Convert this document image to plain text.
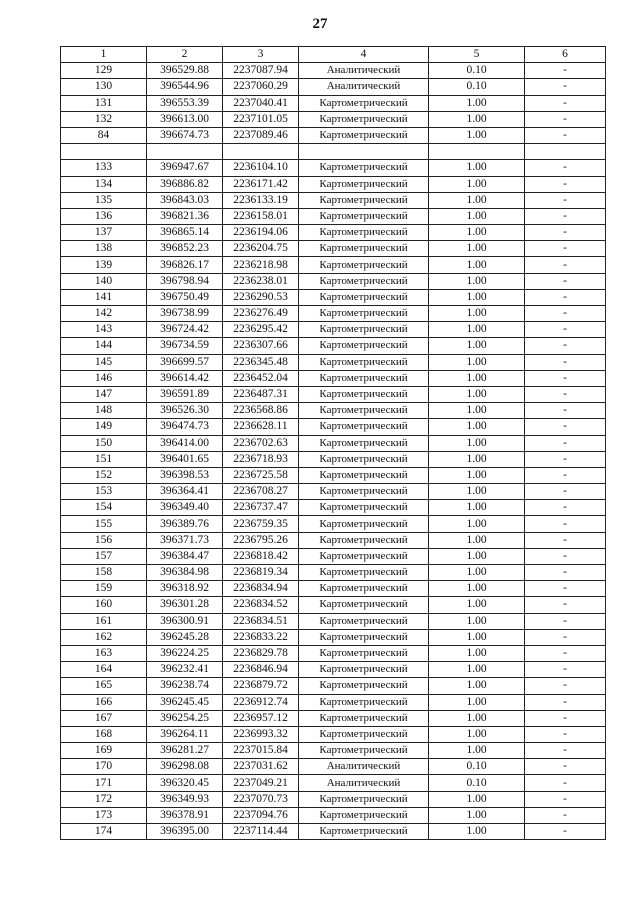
27
1	2	3	4	5	6
129	396529.88	2237087.94	Аналитический	0.10	-
130	396544.96	2237060.29	Аналитический	0.10	-
131	396553.39	2237040.41	Картометрический	1.00	-
132	396613.00	2237101.05	Картометрический	1.00	-
84	396674.73	2237089.46	Картометрический	1.00	-

133	396947.67	2236104.10	Картометрический	1.00	-
134	396886.82	2236171.42	Картометрический	1.00	-
135	396843.03	2236133.19	Картометрический	1.00	-
136	396821.36	2236158.01	Картометрический	1.00	-
137	396865.14	2236194.06	Картометрический	1.00	-
138	396852.23	2236204.75	Картометрический	1.00	-
139	396826.17	2236218.98	Картометрический	1.00	-
140	396798.94	2236238.01	Картометрический	1.00	-
141	396750.49	2236290.53	Картометрический	1.00	-
142	396738.99	2236276.49	Картометрический	1.00	-
143	396724.42	2236295.42	Картометрический	1.00	-
144	396734.59	2236307.66	Картометрический	1.00	-
145	396699.57	2236345.48	Картометрический	1.00	-
146	396614.42	2236452.04	Картометрический	1.00	-
147	396591.89	2236487.31	Картометрический	1.00	-
148	396526.30	2236568.86	Картометрический	1.00	-
149	396474.73	2236628.11	Картометрический	1.00	-
150	396414.00	2236702.63	Картометрический	1.00	-
151	396401.65	2236718.93	Картометрический	1.00	-
152	396398.53	2236725.58	Картометрический	1.00	-
153	396364.41	2236708.27	Картометрический	1.00	-
154	396349.40	2236737.47	Картометрический	1.00	-
155	396389.76	2236759.35	Картометрический	1.00	-
156	396371.73	2236795.26	Картометрический	1.00	-
157	396384.47	2236818.42	Картометрический	1.00	-
158	396384.98	2236819.34	Картометрический	1.00	-
159	396318.92	2236834.94	Картометрический	1.00	-
160	396301.28	2236834.52	Картометрический	1.00	-
161	396300.91	2236834.51	Картометрический	1.00	-
162	396245.28	2236833.22	Картометрический	1.00	-
163	396224.25	2236829.78	Картометрический	1.00	-
164	396232.41	2236846.94	Картометрический	1.00	-
165	396238.74	2236879.72	Картометрический	1.00	-
166	396245.45	2236912.74	Картометрический	1.00	-
167	396254.25	2236957.12	Картометрический	1.00	-
168	396264.11	2236993.32	Картометрический	1.00	-
169	396281.27	2237015.84	Картометрический	1.00	-
170	396298.08	2237031.62	Аналитический	0.10	-
171	396320.45	2237049.21	Аналитический	0.10	-
172	396349.93	2237070.73	Картометрический	1.00	-
173	396378.91	2237094.76	Картометрический	1.00	-
174	396395.00	2237114.44	Картометрический	1.00	-
